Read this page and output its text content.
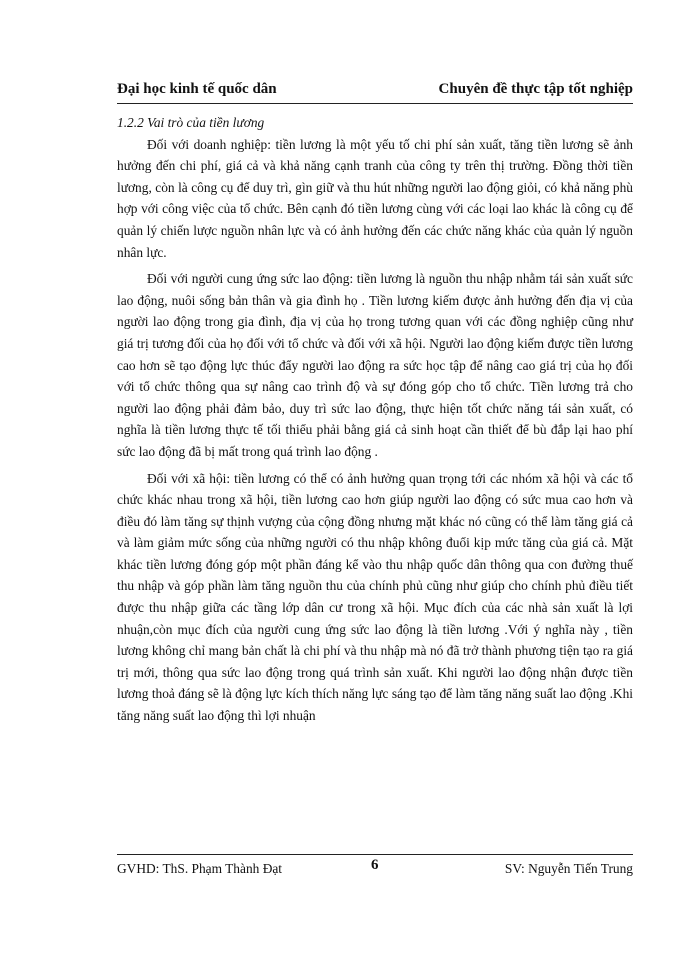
Đại học kinh tế quốc dân	Chuyên đề thực tập tốt nghiệp

1.2.2 Vai trò của tiền lương

Đối với doanh nghiệp: tiền lương là một yếu tố chi phí sản xuất, tăng tiền lương sẽ ảnh hưởng đến chi phí, giá cả và khả năng cạnh tranh của công ty trên thị trường. Đồng thời tiền lương, còn là công cụ để duy trì, gìn giữ và thu hút những người lao động giỏi, có khả năng phù hợp với công việc của tổ chức. Bên cạnh đó tiền lương cùng với các loại lao khác là công cụ để quản lý chiến lược nguồn nhân lực và có ảnh hưởng đến các chức năng khác của quản lý nguồn nhân lực.

Đối với người cung ứng sức lao động: tiền lương là nguồn thu nhập nhằm tái sản xuất sức lao động, nuôi sống bản thân và gia đình họ . Tiền lương kiếm được ảnh hưởng đến địa vị của người lao động trong gia đình, địa vị của họ trong tương quan với các đồng nghiệp cũng như giá trị tương đối của họ đối với tổ chức và đối với xã hội. Người lao động kiếm được tiền lương cao hơn sẽ tạo động lực thúc đẩy người lao động ra sức học tập để nâng cao giá trị của họ đối với tổ chức thông qua sự nâng cao trình độ và sự đóng góp cho tổ chức. Tiền lương trả cho người lao động phải đảm bảo, duy trì sức lao động, thực hiện tốt chức năng tái sản xuất, có nghĩa là tiền lương thực tế tối thiểu phải bằng giá cả sinh hoạt cần thiết để bù đắp lại hao phí sức lao động đã bị mất trong quá trình lao động .

Đối với xã hội: tiền lương có thể có ảnh hưởng quan trọng tới các nhóm xã hội và các tổ chức khác nhau trong xã hội, tiền lương cao hơn giúp người lao động có sức mua cao hơn và điều đó làm tăng sự thịnh vượng của cộng đồng nhưng mặt khác nó cũng có thể làm tăng giá cả và làm giảm mức sống của những người có thu nhập không đuổi kịp mức tăng của giá cả. Mặt khác tiền lương đóng góp một phần đáng kể vào thu nhập quốc dân thông qua con đường thuế thu nhập và góp phần làm tăng nguồn thu của chính phủ cũng như giúp cho chính phủ điều tiết được thu nhập giữa các tầng lớp dân cư trong xã hội. Mục đích của các nhà sản xuất là lợi nhuận,còn mục đích của người cung ứng sức lao động là tiền lương .Với ý nghĩa này , tiền lương không chỉ mang bản chất là chi phí và thu nhập mà nó đã trở thành phương tiện tạo ra giá trị mới, thông qua sức lao động trong quá trình sản xuất. Khi người lao động nhận được tiền lương thoả đáng sẽ là động lực kích thích năng lực sáng tạo để làm tăng năng suất lao động .Khi tăng năng suất lao động thì lợi nhuận

GVHD: ThS. Phạm Thành Đạt	6	SV: Nguyễn Tiến Trung
